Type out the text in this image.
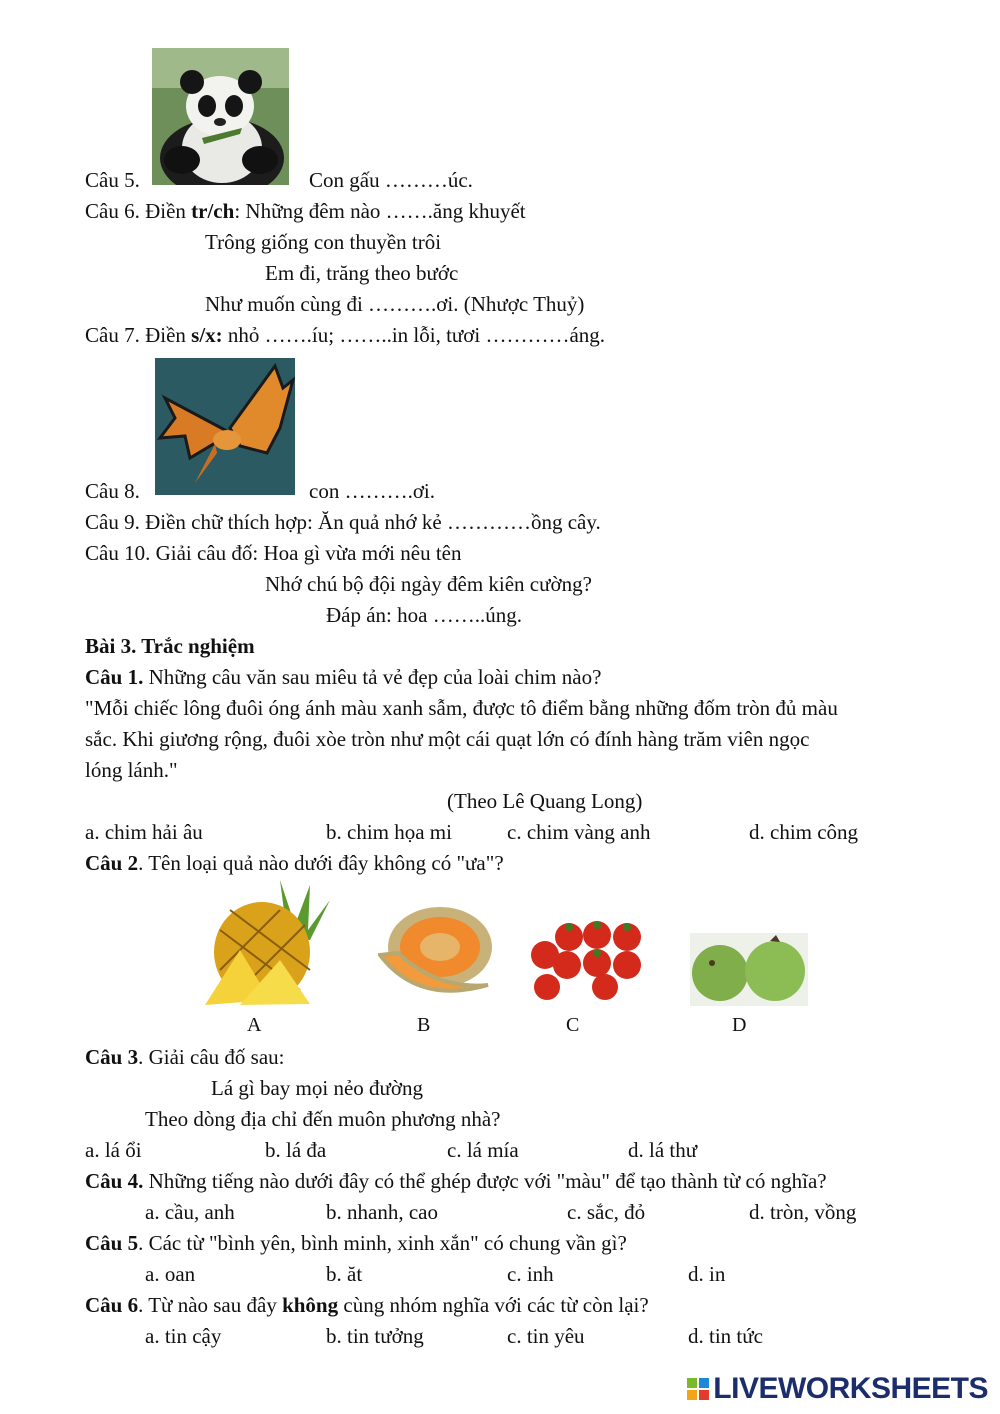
Câu 5.	Con gấu ………úc.
Câu 6. Điền tr/ch: Những đêm nào …….ăng khuyết
Trông giống con thuyền trôi
Em đi, trăng theo bước
Như muốn cùng đi ……….ơi. (Nhược Thuỷ)
Câu 7. Điền s/x: nhỏ …….íu; ……..in lỗi, tươi …………áng.
Câu 8.	con ……….ơi.
Câu 9. Điền chữ thích hợp: Ăn quả nhớ kẻ …………ồng cây.
Câu 10. Giải câu đố: Hoa gì vừa mới nêu tên
Nhớ chú bộ đội ngày đêm kiên cường?
Đáp án: hoa ……..úng.
Bài 3. Trắc nghiệm
Câu 1. Những câu văn sau miêu tả vẻ đẹp của loài chim nào?
"Mỗi chiếc lông đuôi óng ánh màu xanh sẫm, được tô điểm bằng những đốm tròn đủ màu
sắc. Khi giương rộng, đuôi xòe tròn như một cái quạt lớn có đính hàng trăm viên ngọc
lóng lánh."
(Theo Lê Quang Long)
a. chim hải âu	b. chim họa mi	c. chim vàng anh	d. chim công
Câu 2. Tên loại quả nào dưới đây không có "ưa"?
A	B	C	D
Câu 3. Giải câu đố sau:
Lá gì bay mọi nẻo đường
Theo dòng địa chỉ đến muôn phương nhà?
a. lá ổi	b. lá đa	c. lá mía	d. lá thư
Câu 4. Những tiếng nào dưới đây có thể ghép được với "màu" để tạo thành từ có nghĩa?
a. cầu, anh	b. nhanh, cao	c. sắc, đỏ	d. tròn, vồng
Câu 5. Các từ "bình yên, bình minh, xinh xắn" có chung vần gì?
a. oan	b. ăt	c. inh	d. in
Câu 6. Từ nào sau đây không cùng nhóm nghĩa với các từ còn lại?
a. tin cậy	b. tin tưởng	c. tin yêu	d. tin tức
LIVEWORKSHEETS
